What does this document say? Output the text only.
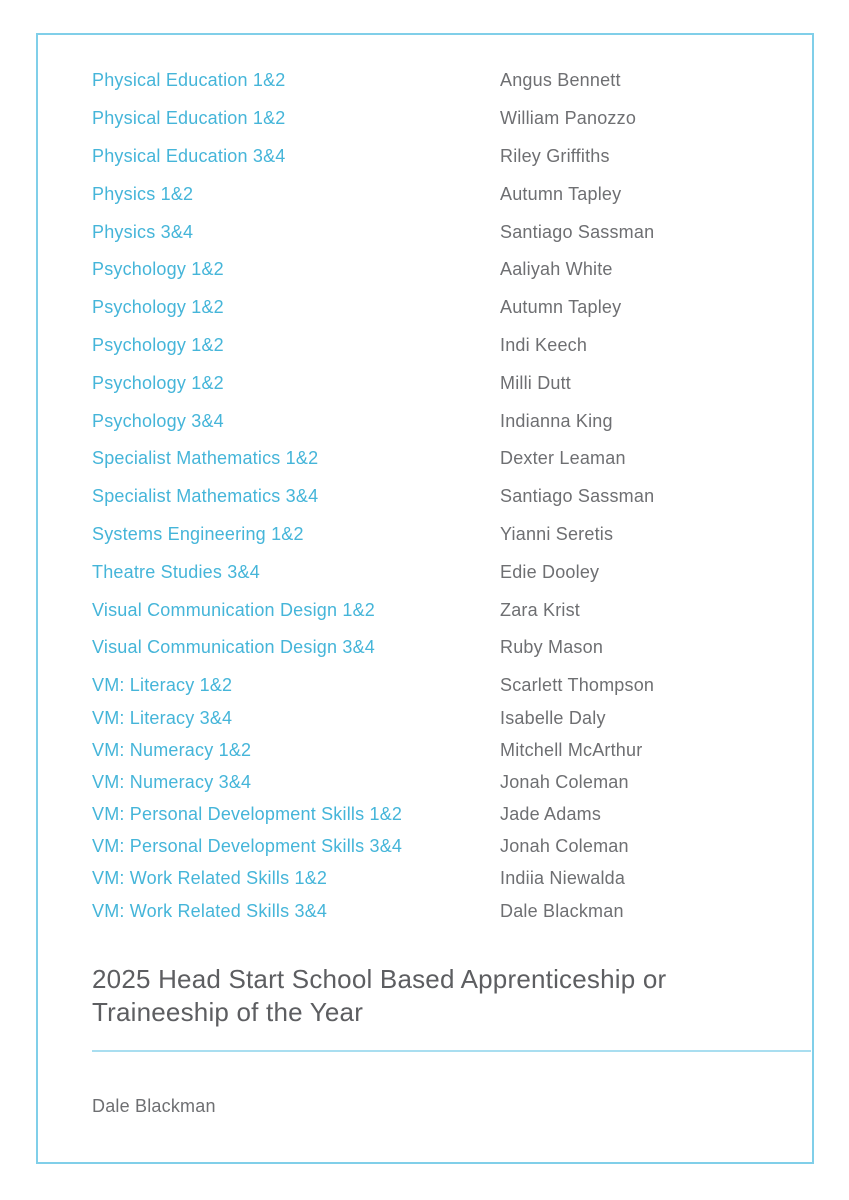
Physical Education 1&2	Angus Bennett
Physical Education 1&2	William Panozzo
Physical Education 3&4	Riley Griffiths
Physics 1&2	Autumn Tapley
Physics 3&4	Santiago Sassman
Psychology 1&2	Aaliyah White
Psychology 1&2	Autumn Tapley
Psychology 1&2	Indi Keech
Psychology 1&2	Milli Dutt
Psychology 3&4	Indianna King
Specialist Mathematics 1&2	Dexter Leaman
Specialist Mathematics 3&4	Santiago Sassman
Systems Engineering 1&2	Yianni Seretis
Theatre Studies 3&4	Edie Dooley
Visual Communication Design 1&2	Zara Krist
Visual Communication Design 3&4	Ruby Mason
VM: Literacy 1&2	Scarlett Thompson
VM: Literacy 3&4	Isabelle Daly
VM: Numeracy 1&2	Mitchell McArthur
VM: Numeracy 3&4	Jonah Coleman
VM: Personal Development Skills 1&2	Jade Adams
VM: Personal Development Skills 3&4	Jonah Coleman
VM: Work Related Skills 1&2	Indiia Niewalda
VM: Work Related Skills 3&4	Dale Blackman
2025 Head Start School Based Apprenticeship or Traineeship of the Year
Dale Blackman
